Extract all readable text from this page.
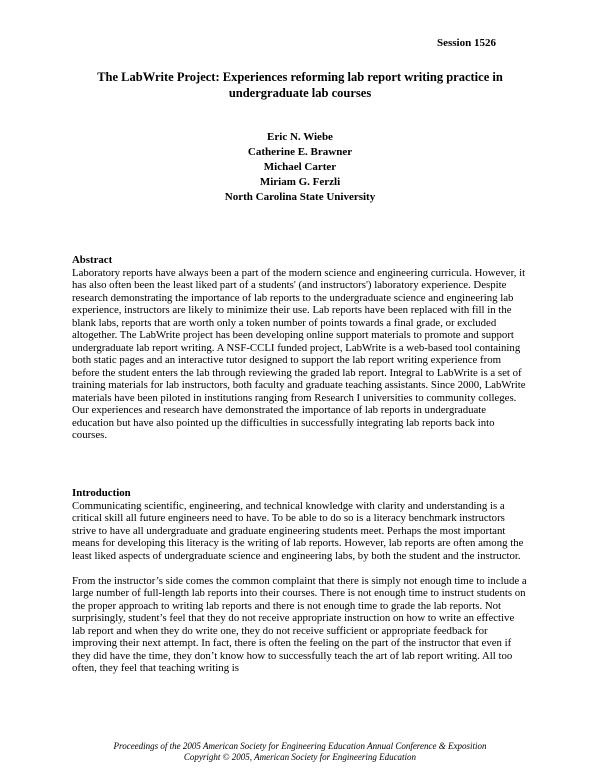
Session 1526
The LabWrite Project: Experiences reforming lab report writing practice in undergraduate lab courses
Eric N. Wiebe
Catherine E. Brawner
Michael Carter
Miriam G. Ferzli
North Carolina State University
Abstract

Laboratory reports have always been a part of the modern science and engineering curricula. However, it has also often been the least liked part of a students' (and instructors') laboratory experience. Despite research demonstrating the importance of lab reports to the undergraduate science and engineering lab experience, instructors are likely to minimize their use. Lab reports have been replaced with fill in the blank labs, reports that are worth only a token number of points towards a final grade, or excluded altogether. The LabWrite project has been developing online support materials to promote and support undergraduate lab report writing. A NSF-CCLI funded project, LabWrite is a web-based tool containing both static pages and an interactive tutor designed to support the lab report writing experience from before the student enters the lab through reviewing the graded lab report. Integral to LabWrite is a set of training materials for lab instructors, both faculty and graduate teaching assistants. Since 2000, LabWrite materials have been piloted in institutions ranging from Research I universities to community colleges. Our experiences and research have demonstrated the importance of lab reports in undergraduate education but have also pointed up the difficulties in successfully integrating lab reports back into courses.

Introduction

Communicating scientific, engineering, and technical knowledge with clarity and understanding is a critical skill all future engineers need to have. To be able to do so is a literacy benchmark instructors strive to have all undergraduate and graduate engineering students meet. Perhaps the most important means for developing this literacy is the writing of lab reports. However, lab reports are often among the least liked aspects of undergraduate science and engineering labs, by both the student and the instructor.

From the instructor’s side comes the common complaint that there is simply not enough time to include a large number of full-length lab reports into their courses. There is not enough time to instruct students on the proper approach to writing lab reports and there is not enough time to grade the lab reports. Not surprisingly, student’s feel that they do not receive appropriate instruction on how to write an effective lab report and when they do write one, they do not receive sufficient or appropriate feedback for improving their next attempt. In fact, there is often the feeling on the part of the instructor that even if they did have the time, they don’t know how to successfully teach the art of lab report writing. All too often, they feel that teaching writing is

Proceedings of the 2005 American Society for Engineering Education Annual Conference & Exposition
Copyright © 2005, American Society for Engineering Education
